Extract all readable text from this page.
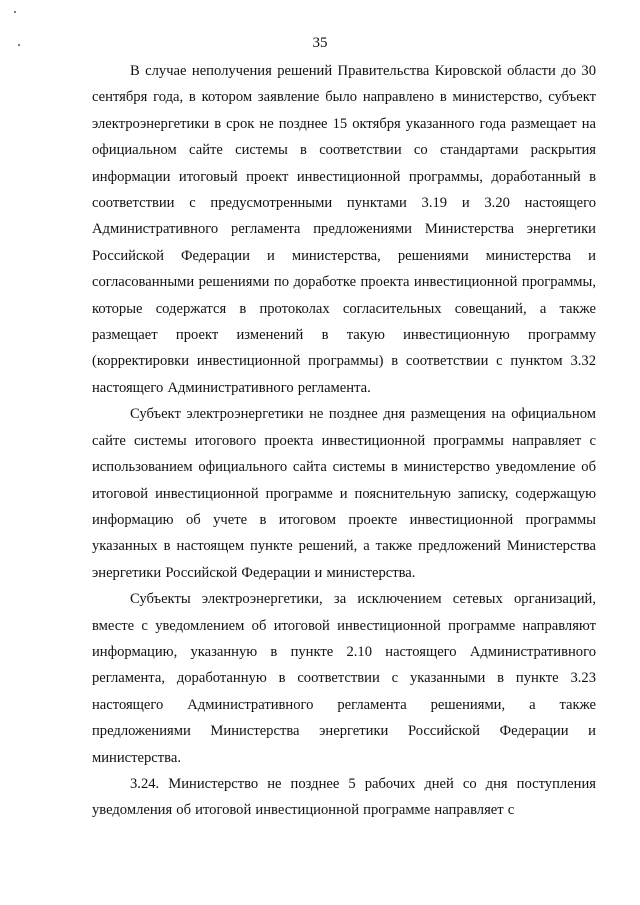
35

В случае неполучения решений Правительства Кировской области до 30 сентября года, в котором заявление было направлено в министерство, субъект электроэнергетики в срок не позднее 15 октября указанного года размещает на официальном сайте системы в соответствии со стандартами раскрытия информации итоговый проект инвестиционной программы, доработанный в соответствии с предусмотренными пунктами 3.19 и 3.20 настоящего Административного регламента предложениями Министерства энергетики Российской Федерации и министерства, решениями министерства и согласованными решениями по доработке проекта инвестиционной программы, которые содержатся в протоколах согласительных совещаний, а также размещает проект изменений в такую инвестиционную программу (корректировки инвестиционной программы) в соответствии с пунктом 3.32 настоящего Административного регламента.

Субъект электроэнергетики не позднее дня размещения на официальном сайте системы итогового проекта инвестиционной программы направляет с использованием официального сайта системы в министерство уведомление об итоговой инвестиционной программе и пояснительную записку, содержащую информацию об учете в итоговом проекте инвестиционной программы указанных в настоящем пункте решений, а также предложений Министерства энергетики Российской Федерации и министерства.

Субъекты электроэнергетики, за исключением сетевых организаций, вместе с уведомлением об итоговой инвестиционной программе направляют информацию, указанную в пункте 2.10 настоящего Административного регламента, доработанную в соответствии с указанными в пункте 3.23 настоящего Административного регламента решениями, а также предложениями Министерства энергетики Российской Федерации и министерства.

3.24. Министерство не позднее 5 рабочих дней со дня поступления уведомления об итоговой инвестиционной программе направляет с
